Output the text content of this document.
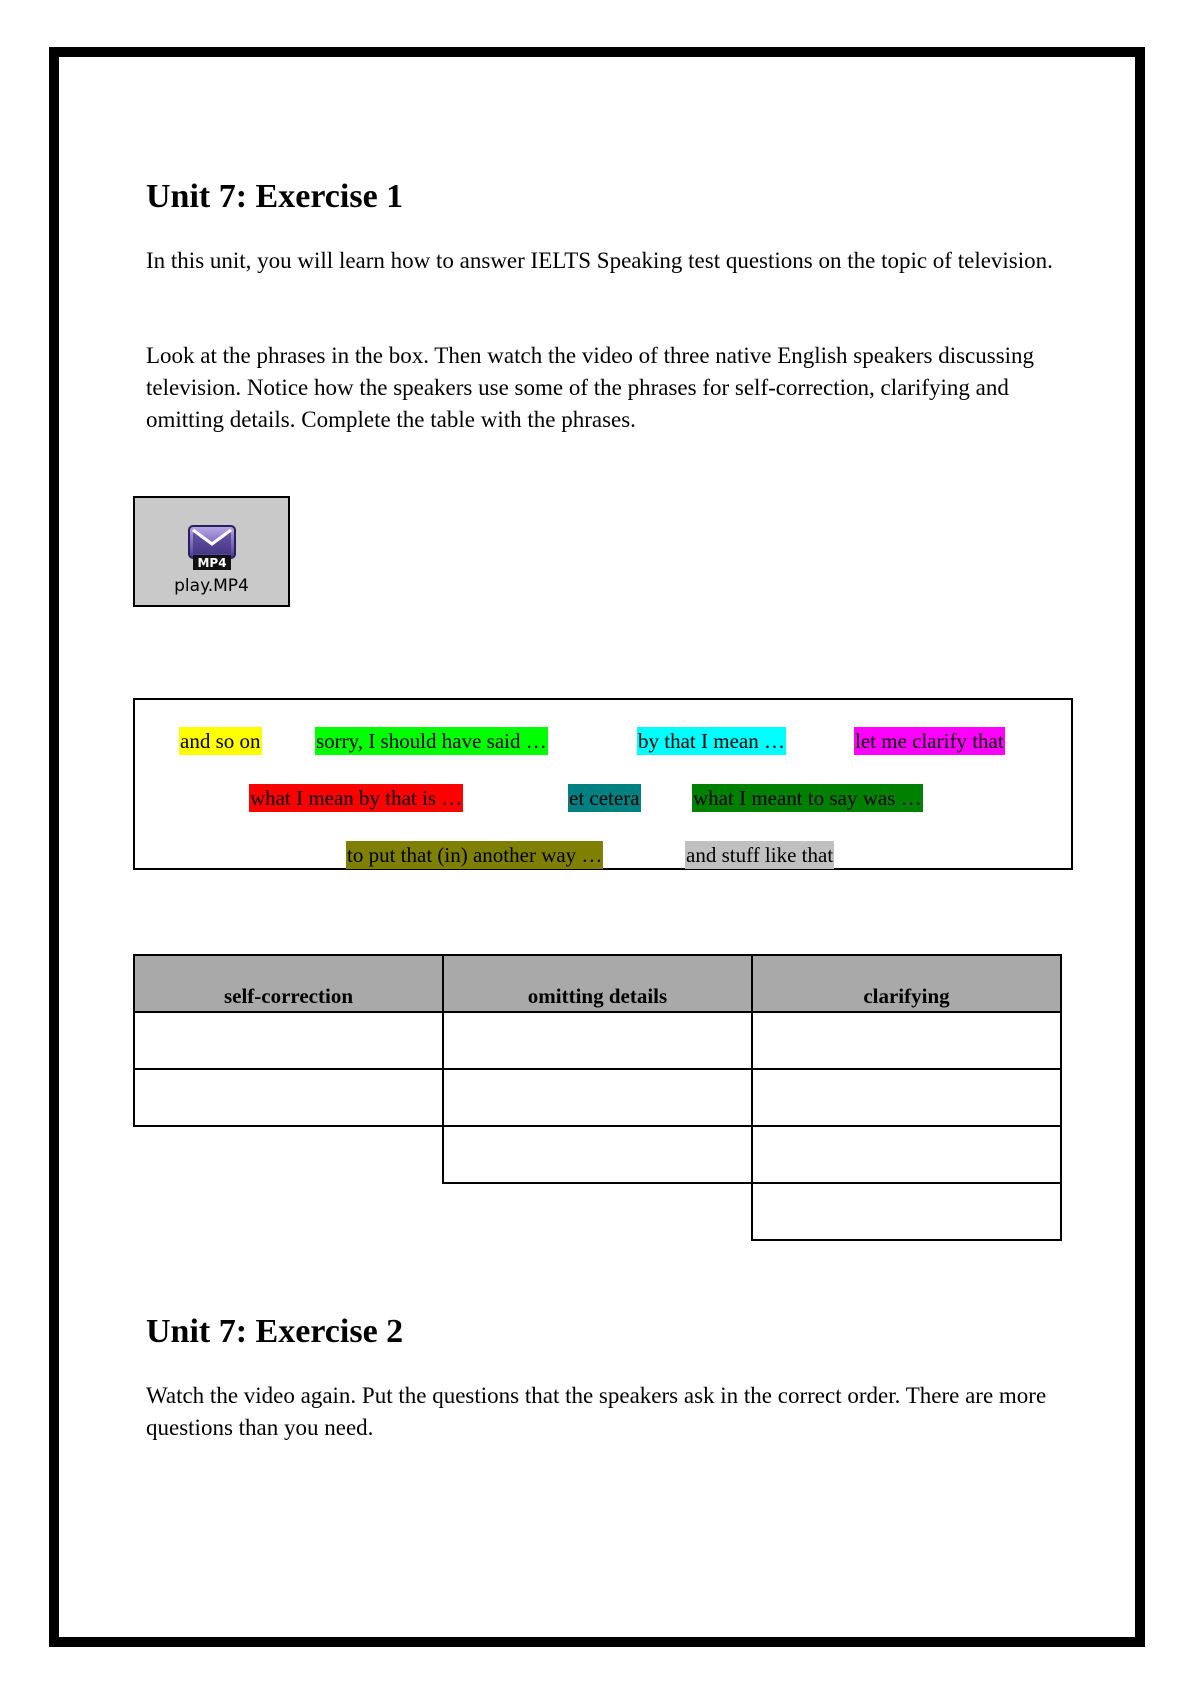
Unit 7: Exercise 1

In this unit, you will learn how to answer IELTS Speaking test questions on the topic of television.

Look at the phrases in the box. Then watch the video of three native English speakers discussing television. Notice how the speakers use some of the phrases for self-correction, clarifying and omitting details. Complete the table with the phrases.

MP4
play.MP4
and so on	sorry, I should have said …	by that I mean …	let me clarify that
what I mean by that is …	et cetera	what I meant to say was …
to put that (in) another way …	and stuff like that
self-correction	omitting details	clarifying

Unit 7: Exercise 2

Watch the video again. Put the questions that the speakers ask in the correct order. There are more questions than you need.
